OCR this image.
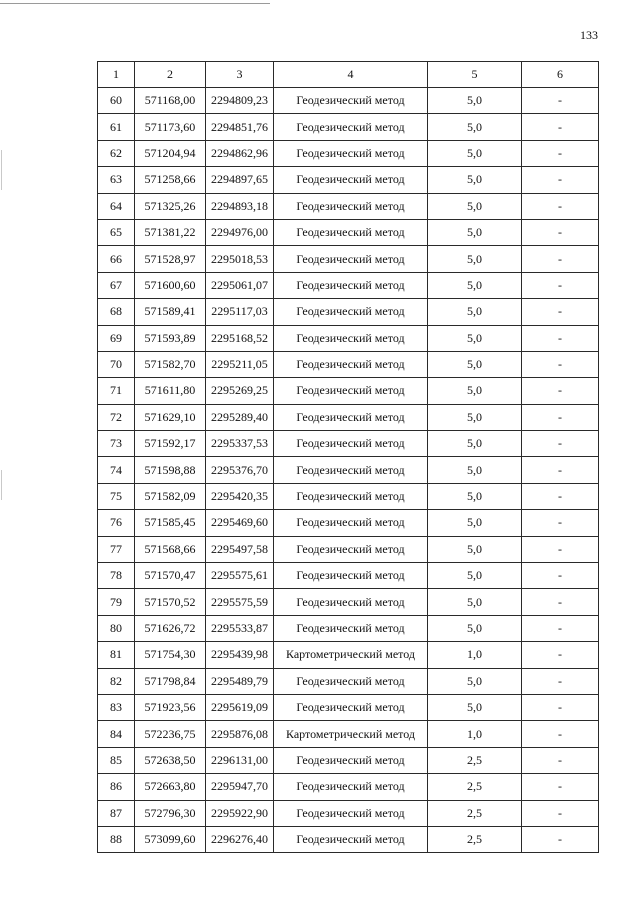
133
1	2	3	4	5	6
60	571168,00	2294809,23	Геодезический метод	5,0	-
61	571173,60	2294851,76	Геодезический метод	5,0	-
62	571204,94	2294862,96	Геодезический метод	5,0	-
63	571258,66	2294897,65	Геодезический метод	5,0	-
64	571325,26	2294893,18	Геодезический метод	5,0	-
65	571381,22	2294976,00	Геодезический метод	5,0	-
66	571528,97	2295018,53	Геодезический метод	5,0	-
67	571600,60	2295061,07	Геодезический метод	5,0	-
68	571589,41	2295117,03	Геодезический метод	5,0	-
69	571593,89	2295168,52	Геодезический метод	5,0	-
70	571582,70	2295211,05	Геодезический метод	5,0	-
71	571611,80	2295269,25	Геодезический метод	5,0	-
72	571629,10	2295289,40	Геодезический метод	5,0	-
73	571592,17	2295337,53	Геодезический метод	5,0	-
74	571598,88	2295376,70	Геодезический метод	5,0	-
75	571582,09	2295420,35	Геодезический метод	5,0	-
76	571585,45	2295469,60	Геодезический метод	5,0	-
77	571568,66	2295497,58	Геодезический метод	5,0	-
78	571570,47	2295575,61	Геодезический метод	5,0	-
79	571570,52	2295575,59	Геодезический метод	5,0	-
80	571626,72	2295533,87	Геодезический метод	5,0	-
81	571754,30	2295439,98	Картометрический метод	1,0	-
82	571798,84	2295489,79	Геодезический метод	5,0	-
83	571923,56	2295619,09	Геодезический метод	5,0	-
84	572236,75	2295876,08	Картометрический метод	1,0	-
85	572638,50	2296131,00	Геодезический метод	2,5	-
86	572663,80	2295947,70	Геодезический метод	2,5	-
87	572796,30	2295922,90	Геодезический метод	2,5	-
88	573099,60	2296276,40	Геодезический метод	2,5	-
